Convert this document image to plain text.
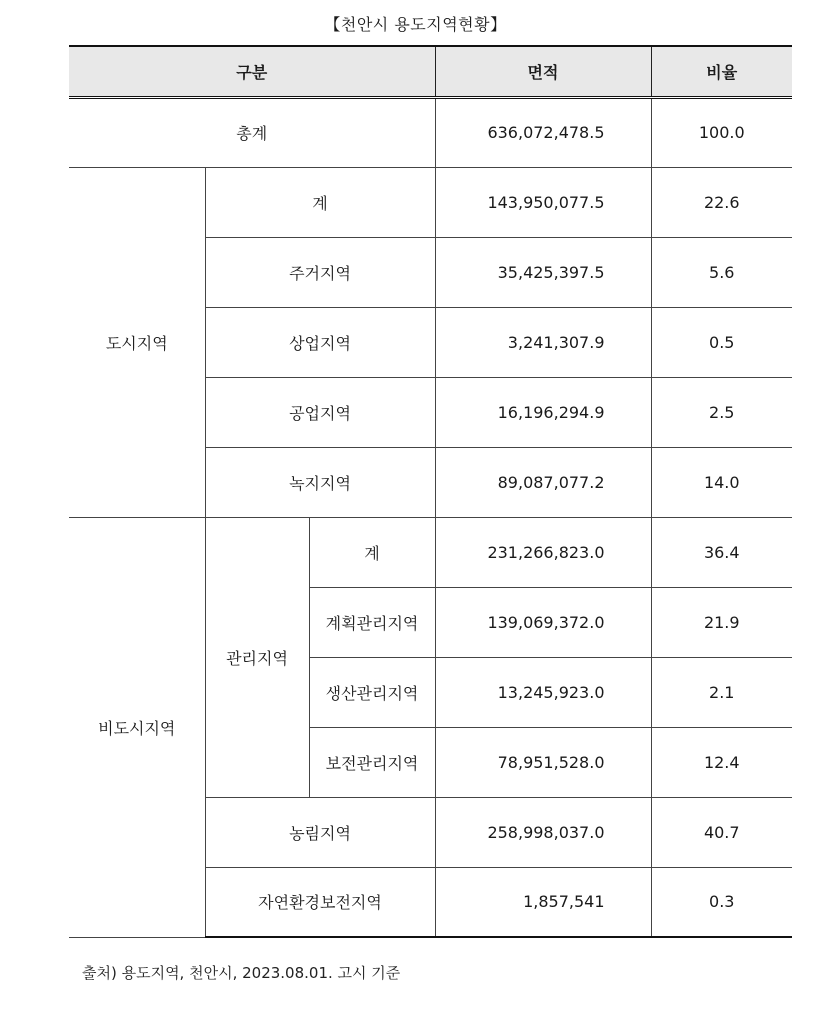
【천안시 용도지역현황】
구분			면적	비율
총계			636,072,478.5	100.0
도시지역	계		143,950,077.5	22.6
	주거지역		35,425,397.5	5.6
	상업지역		3,241,307.9	0.5
	공업지역		16,196,294.9	2.5
	녹지지역		89,087,077.2	14.0
비도시지역	관리지역	계	231,266,823.0	36.4
		계획관리지역	139,069,372.0	21.9
		생산관리지역	13,245,923.0	2.1
		보전관리지역	78,951,528.0	12.4
	농림지역		258,998,037.0	40.7
	자연환경보전지역		1,857,541	0.3
출처) 용도지역, 천안시, 2023.08.01. 고시 기준
